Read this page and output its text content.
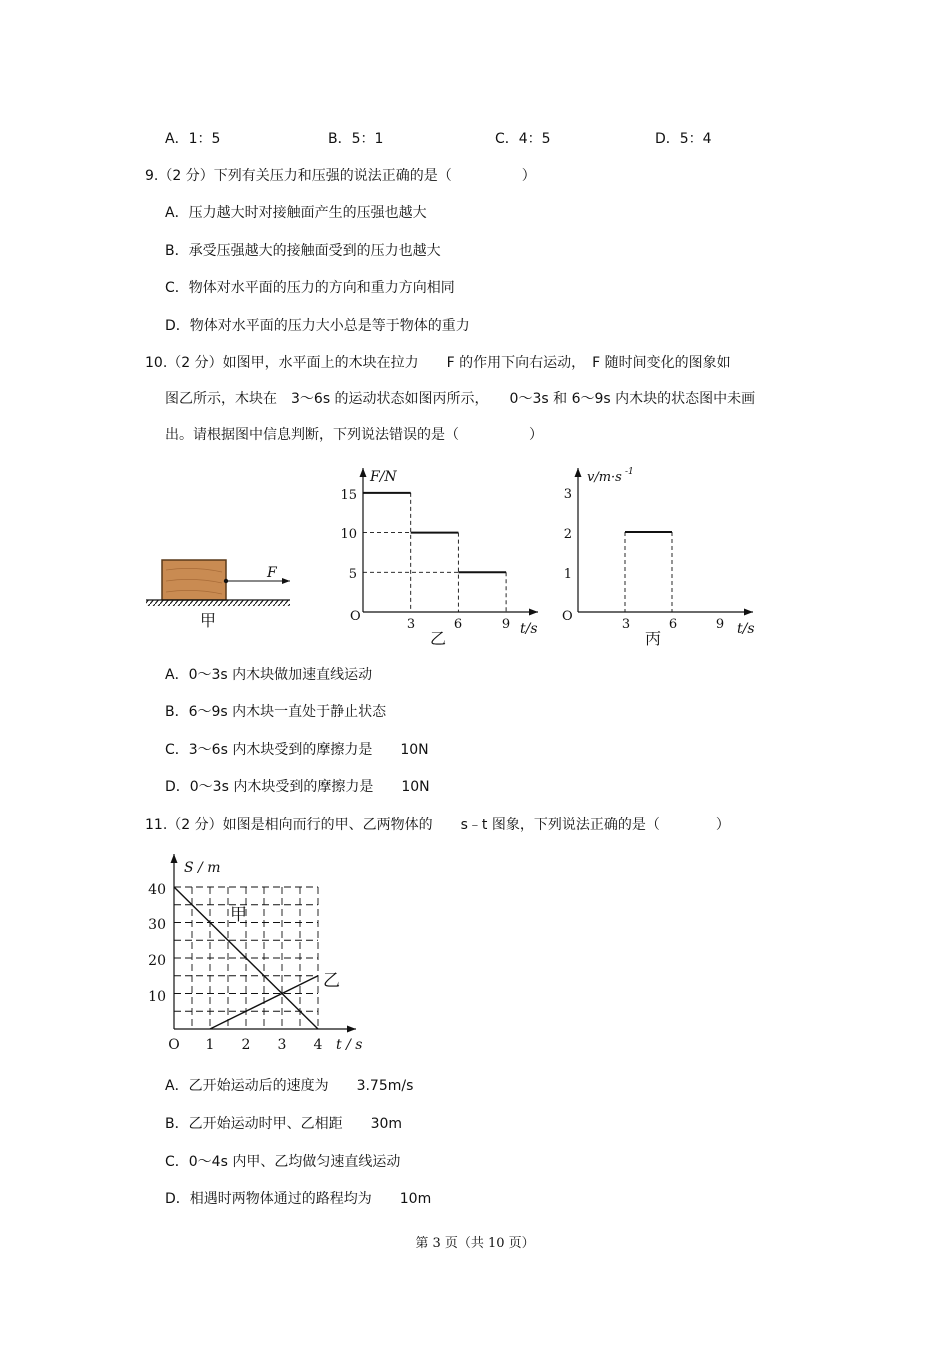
A．1：5	B．5：1	C．4：5	D．5：4
9.（2 分）下列有关压力和压强的说法正确的是（　　　　　）
A．压力越大时对接触面产生的压强也越大
B．承受压强越大的接触面受到的压力也越大
C．物体对水平面的压力的方向和重力方向相同
D．物体对水平面的压力大小总是等于物体的重力
10.（2 分）如图甲，水平面上的木块在拉力　　F 的作用下向右运动，　F 随时间变化的图象如
图乙所示，木块在　3～6s 的运动状态如图丙所示，　　0～3s 和 6～9s 内木块的状态图中未画
出。请根据图中信息判断，下列说法错误的是（　　　　　）
F
甲
F/N
t/s
O
15
10
5
3	6	9
乙
v/m·s -1
t/s
O
3
2
1
3	6	9
丙
A．0～3s 内木块做加速直线运动
B．6～9s 内木块一直处于静止状态
C．3～6s 内木块受到的摩擦力是　　10N
D．0～3s 内木块受到的摩擦力是　　10N
11.（2 分）如图是相向而行的甲、乙两物体的　　s﹣t 图象，下列说法正确的是（　　　　）
S / m
t / s
O
40
30
20
10
1 2 3 4
甲
乙
A．乙开始运动后的速度为　　3.75m/s
B．乙开始运动时甲、乙相距　　30m
C．0～4s 内甲、乙均做匀速直线运动
D．相遇时两物体通过的路程均为　　10m
第 3 页（共 10 页）
